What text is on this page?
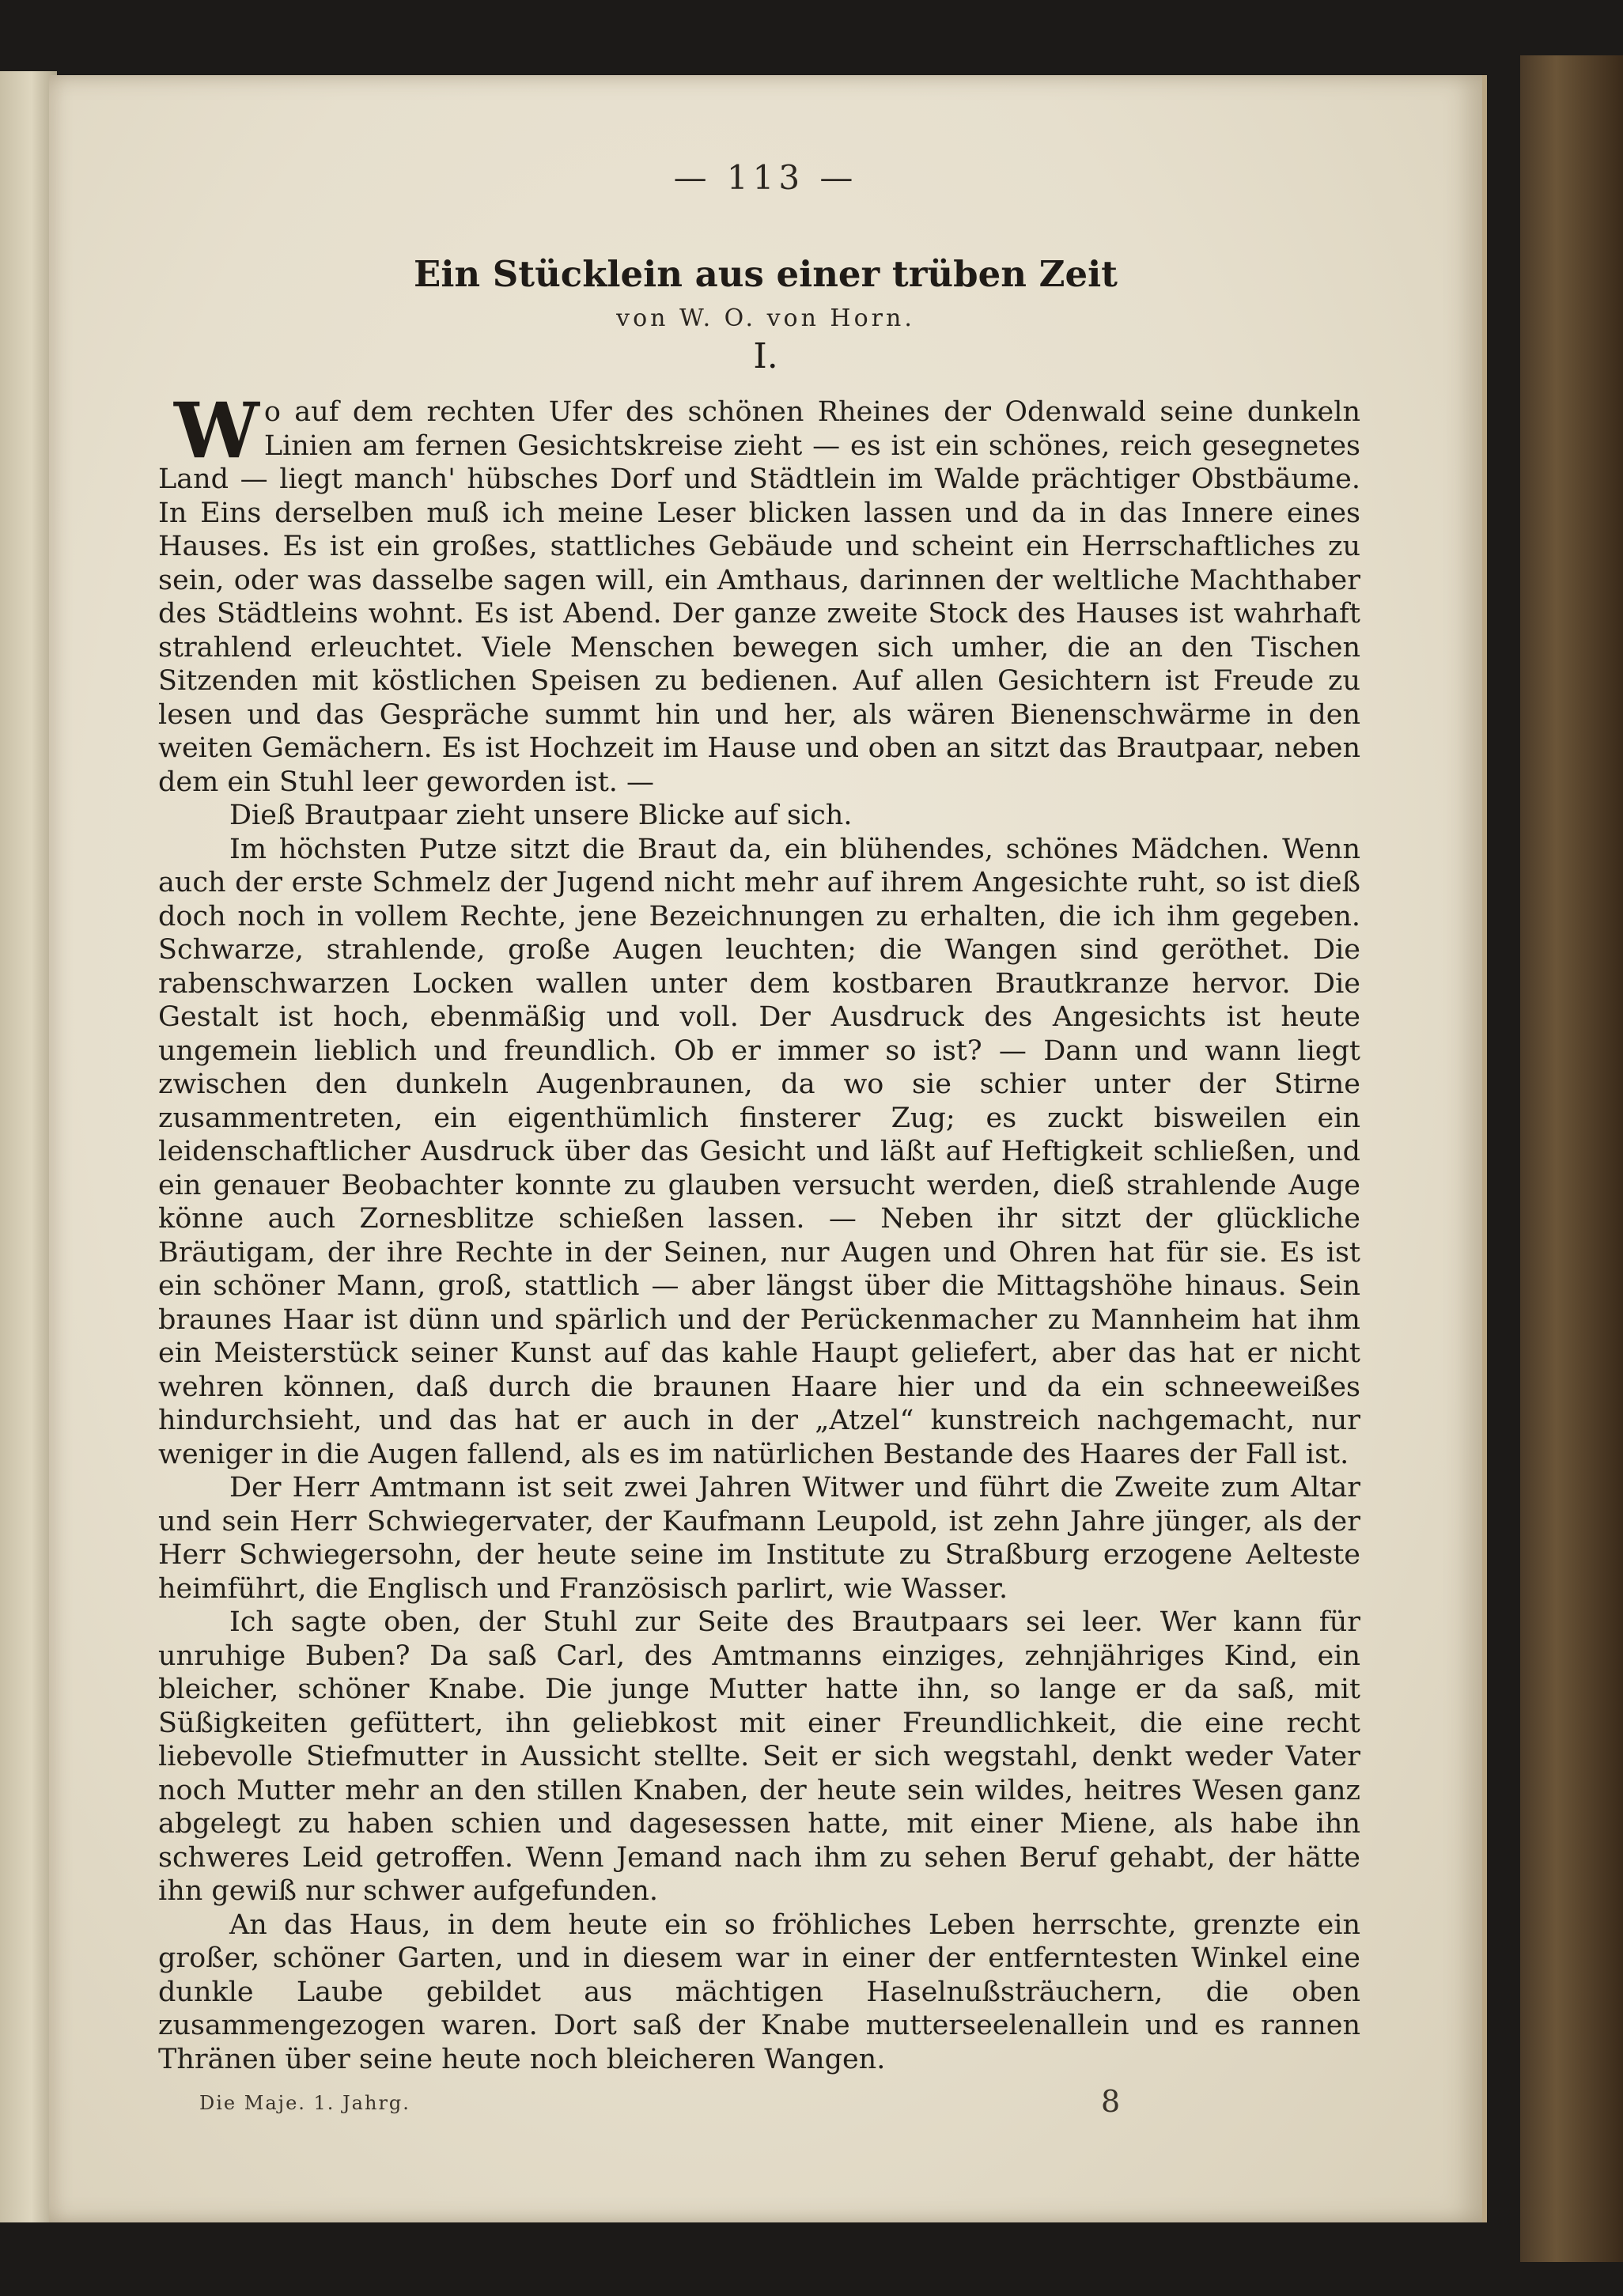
— 113 —
Ein Stücklein aus einer trüben Zeit
von W. O. von Horn.
I.

Wo auf dem rechten Ufer des schönen Rheines der Odenwald seine dunkeln Linien am fernen Gesichtskreise zieht — es ist ein schönes, reich gesegnetes Land — liegt manch' hübsches Dorf und Städtlein im Walde prächtiger Obstbäume. In Eins derselben muß ich meine Leser blicken lassen und da in das Innere eines Hauses. Es ist ein großes, stattliches Gebäude und scheint ein Herrschaftliches zu sein, oder was dasselbe sagen will, ein Amthaus, darinnen der weltliche Machthaber des Städtleins wohnt. Es ist Abend. Der ganze zweite Stock des Hauses ist wahrhaft strahlend erleuchtet. Viele Menschen bewegen sich umher, die an den Tischen Sitzenden mit köstlichen Speisen zu bedienen. Auf allen Gesichtern ist Freude zu lesen und das Gespräche summt hin und her, als wären Bienenschwärme in den weiten Gemächern. Es ist Hochzeit im Hause und oben an sitzt das Brautpaar, neben dem ein Stuhl leer geworden ist. —

Dieß Brautpaar zieht unsere Blicke auf sich.

Im höchsten Putze sitzt die Braut da, ein blühendes, schönes Mädchen. Wenn auch der erste Schmelz der Jugend nicht mehr auf ihrem Angesichte ruht, so ist dieß doch noch in vollem Rechte, jene Bezeichnungen zu erhalten, die ich ihm gegeben. Schwarze, strahlende, große Augen leuchten; die Wangen sind geröthet. Die rabenschwarzen Locken wallen unter dem kostbaren Brautkranze hervor. Die Gestalt ist hoch, ebenmäßig und voll. Der Ausdruck des Angesichts ist heute ungemein lieblich und freundlich. Ob er immer so ist? — Dann und wann liegt zwischen den dunkeln Augenbraunen, da wo sie schier unter der Stirne zusammentreten, ein eigenthümlich finsterer Zug; es zuckt bisweilen ein leidenschaftlicher Ausdruck über das Gesicht und läßt auf Heftigkeit schließen, und ein genauer Beobachter konnte zu glauben versucht werden, dieß strahlende Auge könne auch Zornesblitze schießen lassen. — Neben ihr sitzt der glückliche Bräutigam, der ihre Rechte in der Seinen, nur Augen und Ohren hat für sie. Es ist ein schöner Mann, groß, stattlich — aber längst über die Mittagshöhe hinaus. Sein braunes Haar ist dünn und spärlich und der Perückenmacher zu Mannheim hat ihm ein Meisterstück seiner Kunst auf das kahle Haupt geliefert, aber das hat er nicht wehren können, daß durch die braunen Haare hier und da ein schneeweißes hindurchsieht, und das hat er auch in der „Atzel“ kunstreich nachgemacht, nur weniger in die Augen fallend, als es im natürlichen Bestande des Haares der Fall ist.

Der Herr Amtmann ist seit zwei Jahren Witwer und führt die Zweite zum Altar und sein Herr Schwiegervater, der Kaufmann Leupold, ist zehn Jahre jünger, als der Herr Schwiegersohn, der heute seine im Institute zu Straßburg erzogene Aelteste heimführt, die Englisch und Französisch parlirt, wie Wasser.

Ich sagte oben, der Stuhl zur Seite des Brautpaars sei leer. Wer kann für unruhige Buben? Da saß Carl, des Amtmanns einziges, zehnjähriges Kind, ein bleicher, schöner Knabe. Die junge Mutter hatte ihn, so lange er da saß, mit Süßigkeiten gefüttert, ihn geliebkost mit einer Freundlichkeit, die eine recht liebevolle Stiefmutter in Aussicht stellte. Seit er sich wegstahl, denkt weder Vater noch Mutter mehr an den stillen Knaben, der heute sein wildes, heitres Wesen ganz abgelegt zu haben schien und dagesessen hatte, mit einer Miene, als habe ihn schweres Leid getroffen. Wenn Jemand nach ihm zu sehen Beruf gehabt, der hätte ihn gewiß nur schwer aufgefunden.

An das Haus, in dem heute ein so fröhliches Leben herrschte, grenzte ein großer, schöner Garten, und in diesem war in einer der entferntesten Winkel eine dunkle Laube gebildet aus mächtigen Haselnußsträuchern, die oben zusammengezogen waren. Dort saß der Knabe mutterseelenallein und es rannen Thränen über seine heute noch bleicheren Wangen.

Die Maje. 1. Jahrg.	8
